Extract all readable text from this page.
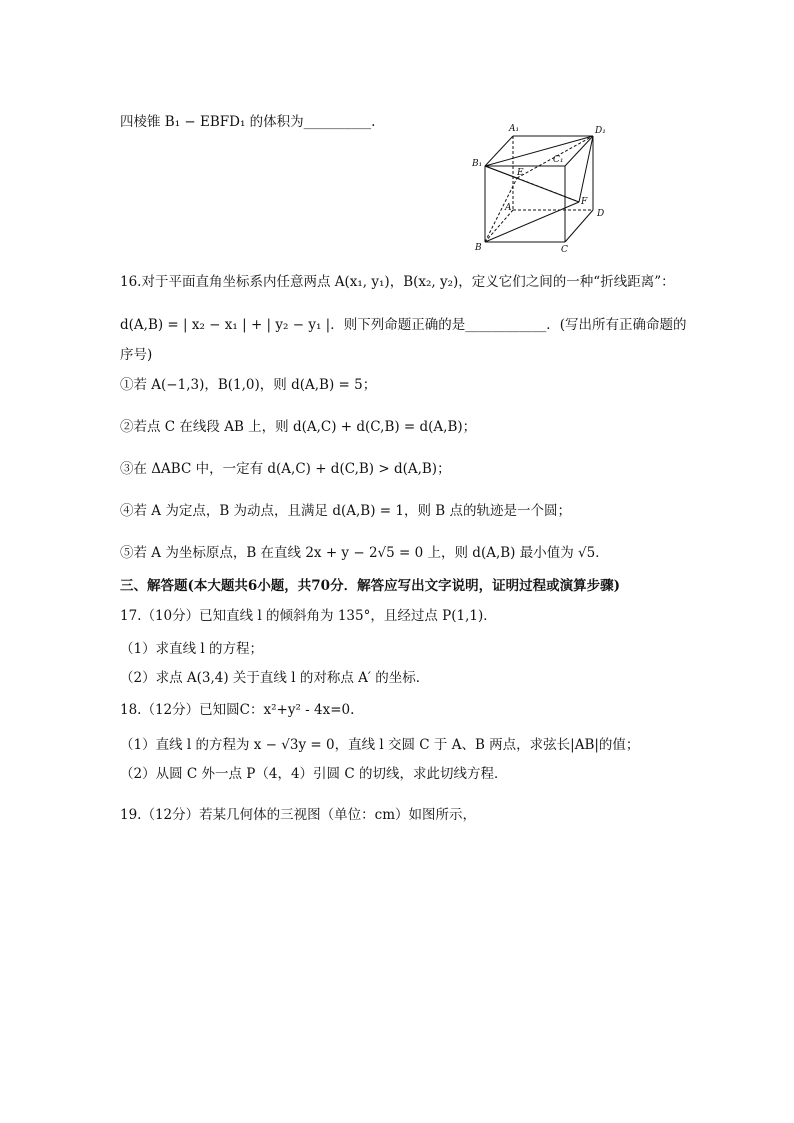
四棱锥 B₁ − EBFD₁ 的体积为__________.	A₁	D₁
B₁	C₁
E
A
F
D
B	C
16.对于平面直角坐标系内任意两点 A(x₁, y₁)，B(x₂, y₂)，定义它们之间的一种“折线距离”：
d(A,B) = | x₂ − x₁ | + | y₂ − y₁ |．则下列命题正确的是____________．(写出所有正确命题的
序号)
①若 A(−1,3)，B(1,0)，则 d(A,B) = 5；
②若点 C 在线段 AB 上，则 d(A,C) + d(C,B) = d(A,B)；
③在 ΔABC 中，一定有 d(A,C) + d(C,B) > d(A,B)；
④若 A 为定点，B 为动点，且满足 d(A,B) = 1，则 B 点的轨迹是一个圆；
⑤若 A 为坐标原点，B 在直线 2x + y − 2√5 = 0 上，则 d(A,B) 最小值为 √5．
三、解答题(本大题共6小题，共70分．解答应写出文字说明，证明过程或演算步骤)
17.（10分）已知直线 l 的倾斜角为 135°，且经过点 P(1,1)．
（1）求直线 l 的方程；
（2）求点 A(3,4) 关于直线 l 的对称点 A′ 的坐标．
18.（12分）已知圆C：x²+y² - 4x=0.
（1）直线 l 的方程为 x − √3y = 0，直线 l 交圆 C 于 A、B 两点，求弦长|AB|的值；
（2）从圆 C 外一点 P（4，4）引圆 C 的切线，求此切线方程．
19.（12分）若某几何体的三视图（单位：cm）如图所示，
